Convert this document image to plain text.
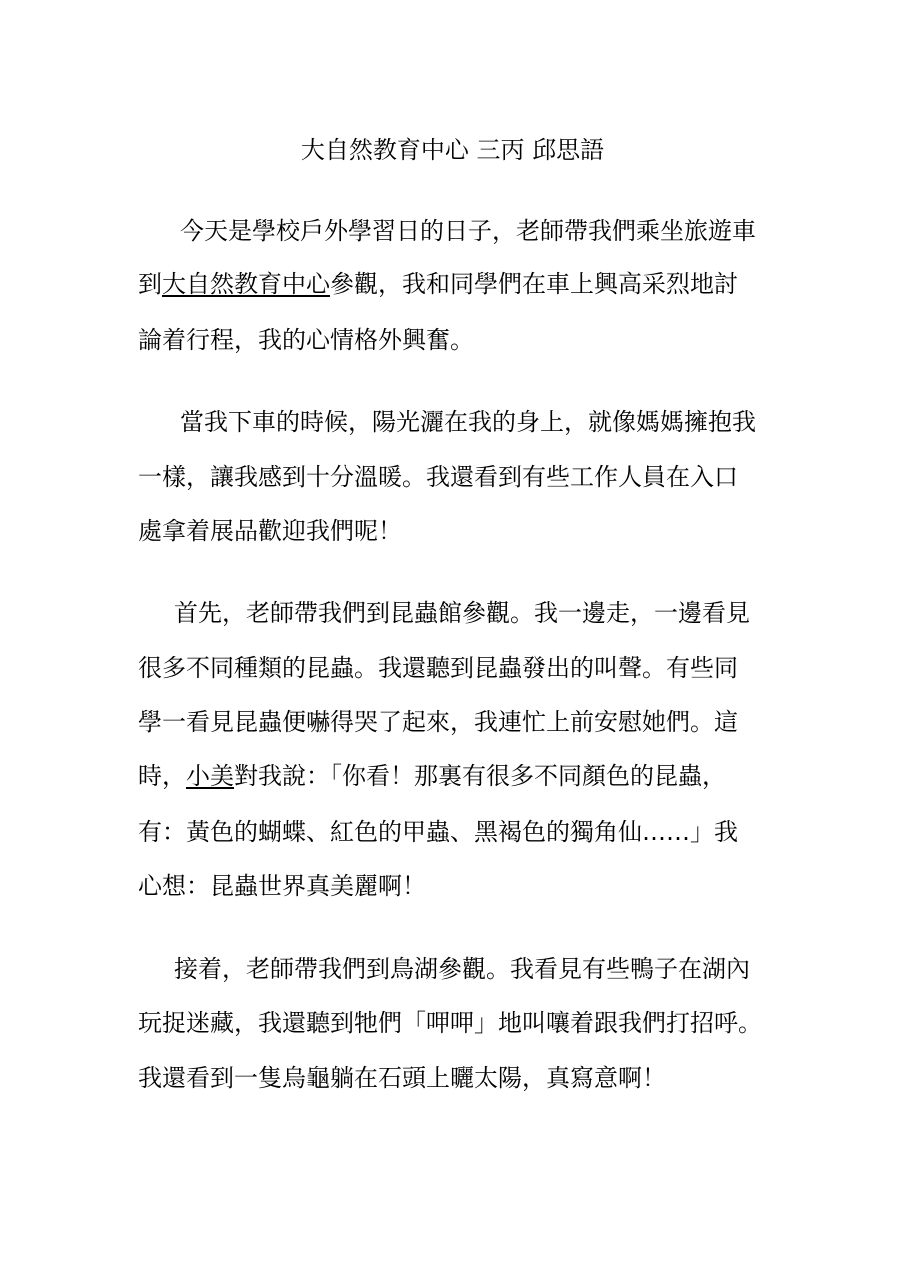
大自然教育中心 三丙 邱思語
今天是學校戶外學習日的日子，老師帶我們乘坐旅遊車
到大自然教育中心參觀，我和同學們在車上興高采烈地討
論着行程，我的心情格外興奮。
當我下車的時候，陽光灑在我的身上，就像媽媽擁抱我
一樣，讓我感到十分溫暖。我還看到有些工作人員在入口
處拿着展品歡迎我們呢！
首先，老師帶我們到昆蟲館參觀。我一邊走，一邊看見
很多不同種類的昆蟲。我還聽到昆蟲發出的叫聲。有些同
學一看見昆蟲便嚇得哭了起來，我連忙上前安慰她們。這
時，小美對我說：「你看！那裏有很多不同顏色的昆蟲，
有：黃色的蝴蝶、紅色的甲蟲、黑褐色的獨角仙……」我
心想：昆蟲世界真美麗啊！
接着，老師帶我們到鳥湖參觀。我看見有些鴨子在湖內
玩捉迷藏，我還聽到牠們「呷呷」地叫嚷着跟我們打招呼。
我還看到一隻烏龜躺在石頭上曬太陽，真寫意啊！
